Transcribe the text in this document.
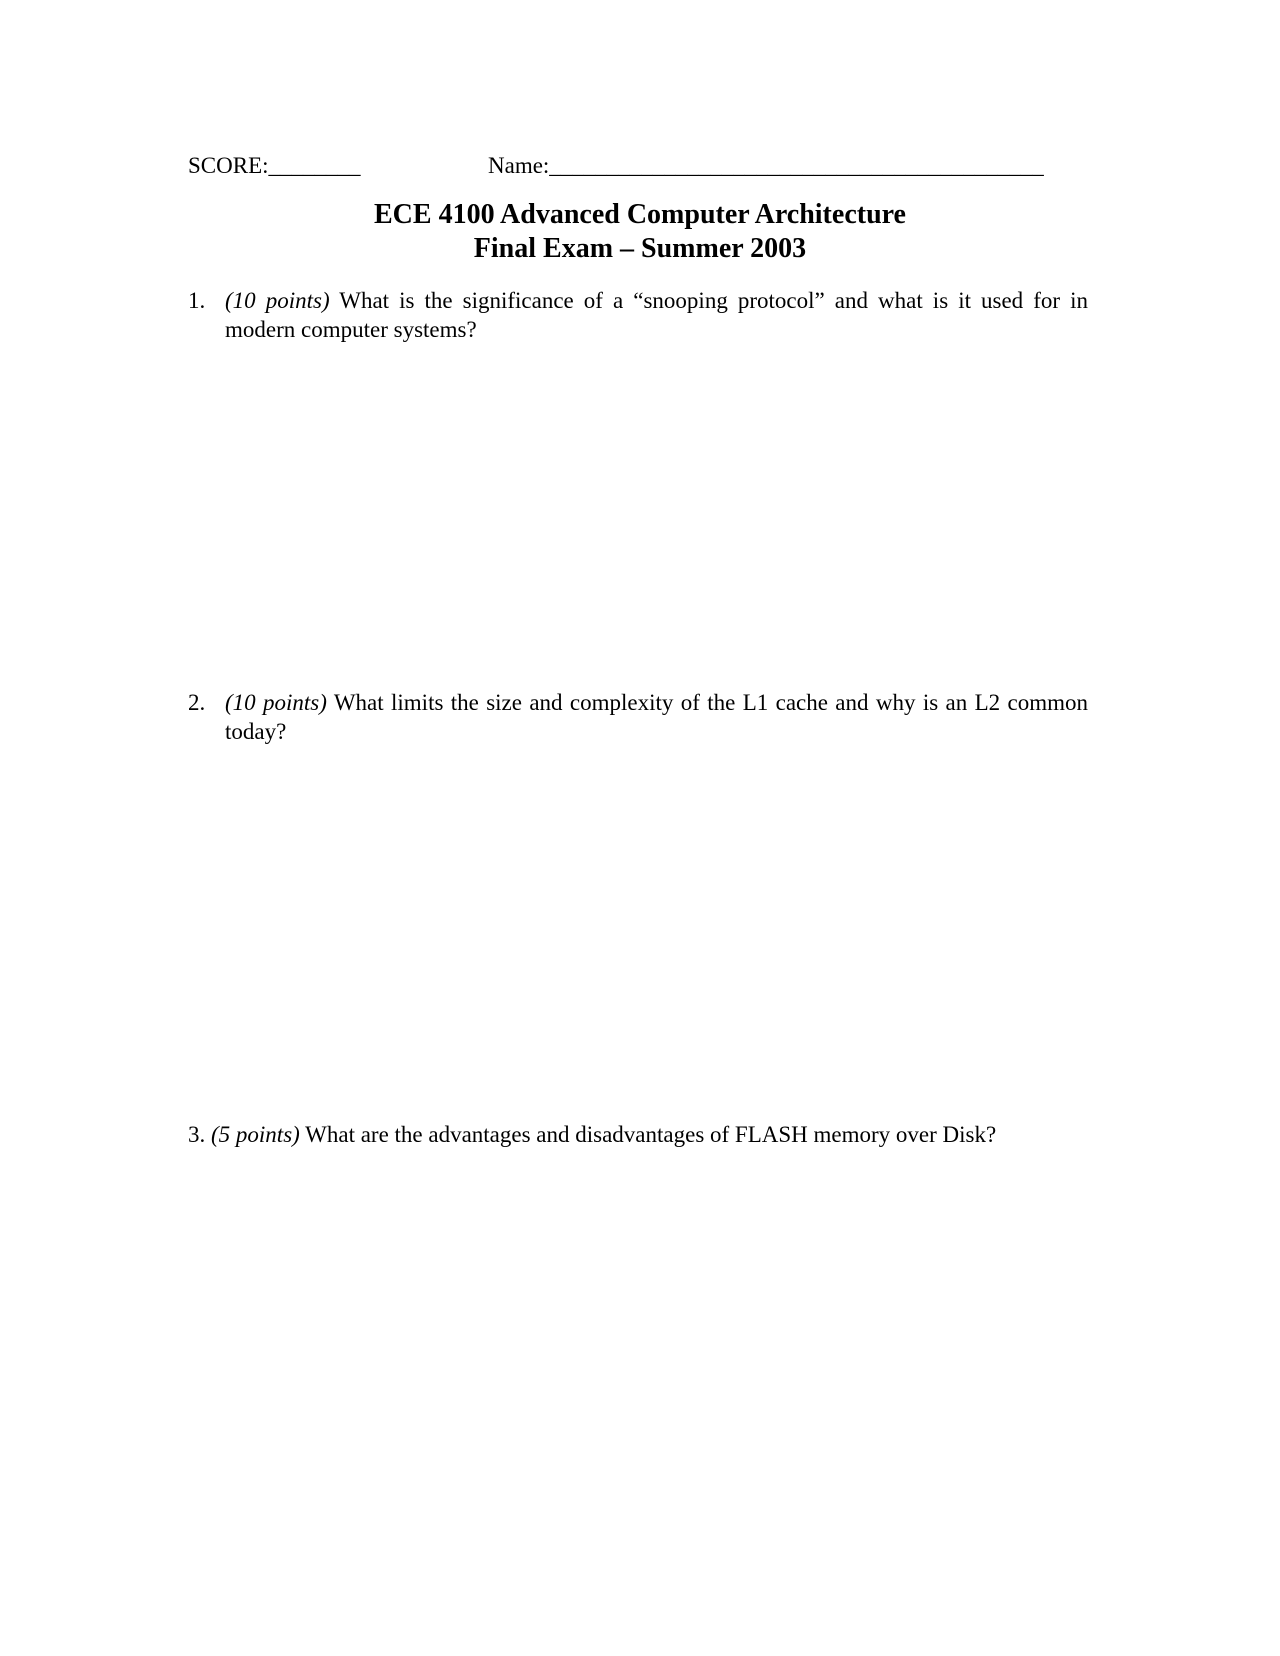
SCORE:________	Name:___________________________________________
ECE 4100 Advanced Computer Architecture
Final Exam – Summer 2003
1. (10 points) What is the significance of a “snooping protocol” and what is it used for in modern computer systems?
2. (10 points) What limits the size and complexity of the L1 cache and why is an L2 common today?
3. (5 points) What are the advantages and disadvantages of FLASH memory over Disk?
